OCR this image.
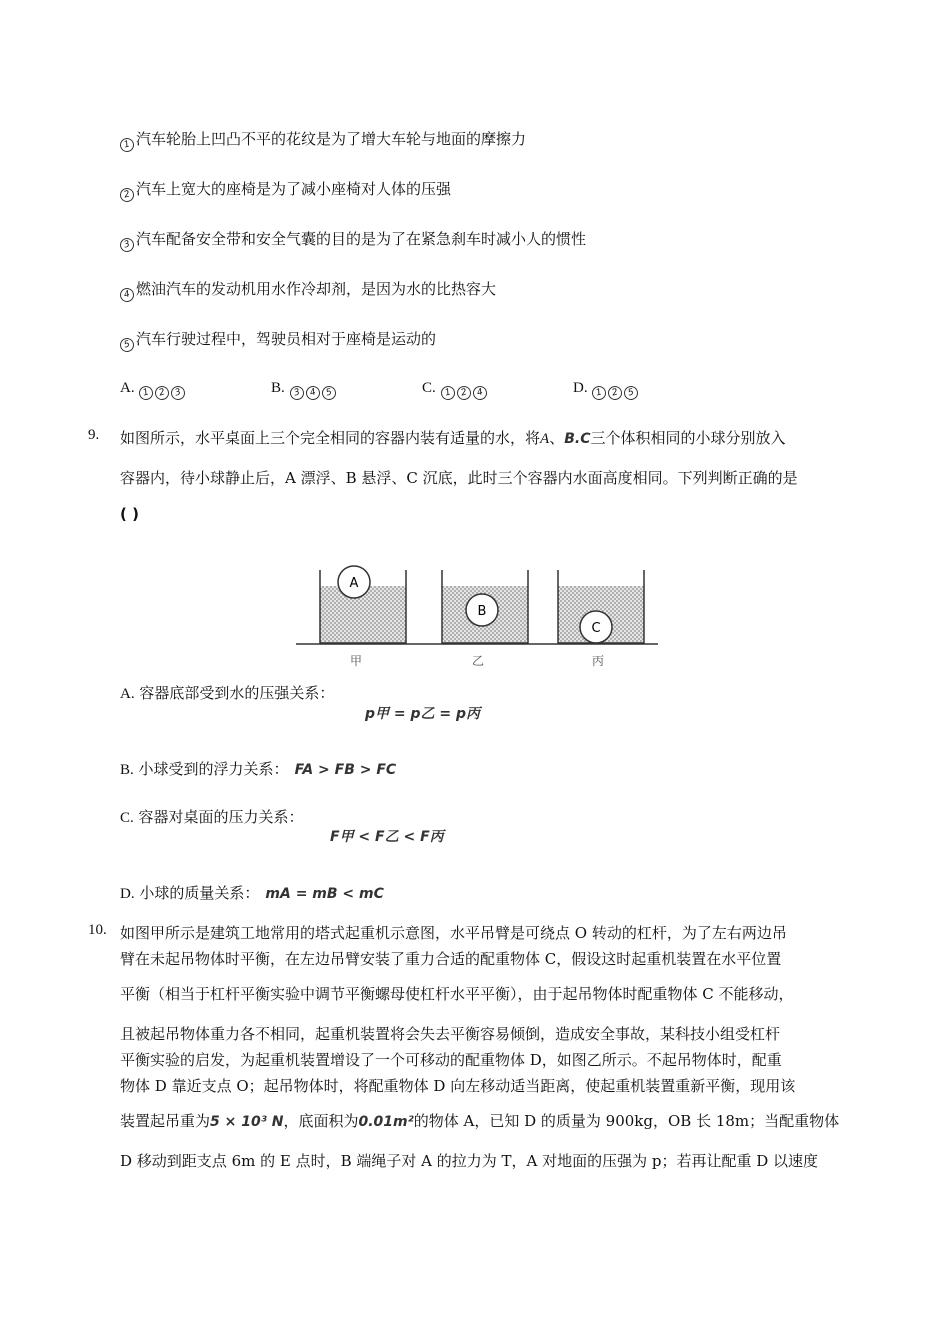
1 汽车轮胎上凹凸不平的花纹是为了增大车轮与地面的摩擦力
2 汽车上宽大的座椅是为了减小座椅对人体的压强
3 汽车配备安全带和安全气囊的目的是为了在紧急刹车时减小人的惯性
4 燃油汽车的发动机用水作冷却剂，是因为水的比热容大
5 汽车行驶过程中，驾驶员相对于座椅是运动的
A. 1 2 3	B. 3 4 5	C. 1 2 4	D. 1 2 5
9. 如图所示，水平桌面上三个完全相同的容器内装有适量的水，将A、B.C三个体积相同的小球分别放入
容器内，待小球静止后，A 漂浮、B 悬浮、C 沉底，此时三个容器内水面高度相同。下列判断正确的是
( )
A
B
C
甲	乙	丙
A. 容器底部受到水的压强关系：
p甲 = p乙 = p丙
B. 小球受到的浮力关系： FA > FB > FC
C. 容器对桌面的压力关系：
F甲 < F乙 < F丙
D. 小球的质量关系： mA = mB < mC
10. 如图甲所示是建筑工地常用的塔式起重机示意图，水平吊臂是可绕点 O 转动的杠杆，为了左右两边吊
臂在未起吊物体时平衡，在左边吊臂安装了重力合适的配重物体 C，假设这时起重机装置在水平位置
平衡（相当于杠杆平衡实验中调节平衡螺母使杠杆水平平衡），由于起吊物体时配重物体 C 不能移动，
且被起吊物体重力各不相同，起重机装置将会失去平衡容易倾倒，造成安全事故，某科技小组受杠杆
平衡实验的启发，为起重机装置增设了一个可移动的配重物体 D，如图乙所示。不起吊物体时，配重
物体 D 靠近支点 O；起吊物体时，将配重物体 D 向左移动适当距离，使起重机装置重新平衡，现用该
装置起吊重为5 × 10³ N，底面积为0.01m²的物体 A，已知 D 的质量为 900kg，OB 长 18m；当配重物体
D 移动到距支点 6m 的 E 点时，B 端绳子对 A 的拉力为 T，A 对地面的压强为 p；若再让配重 D 以速度
